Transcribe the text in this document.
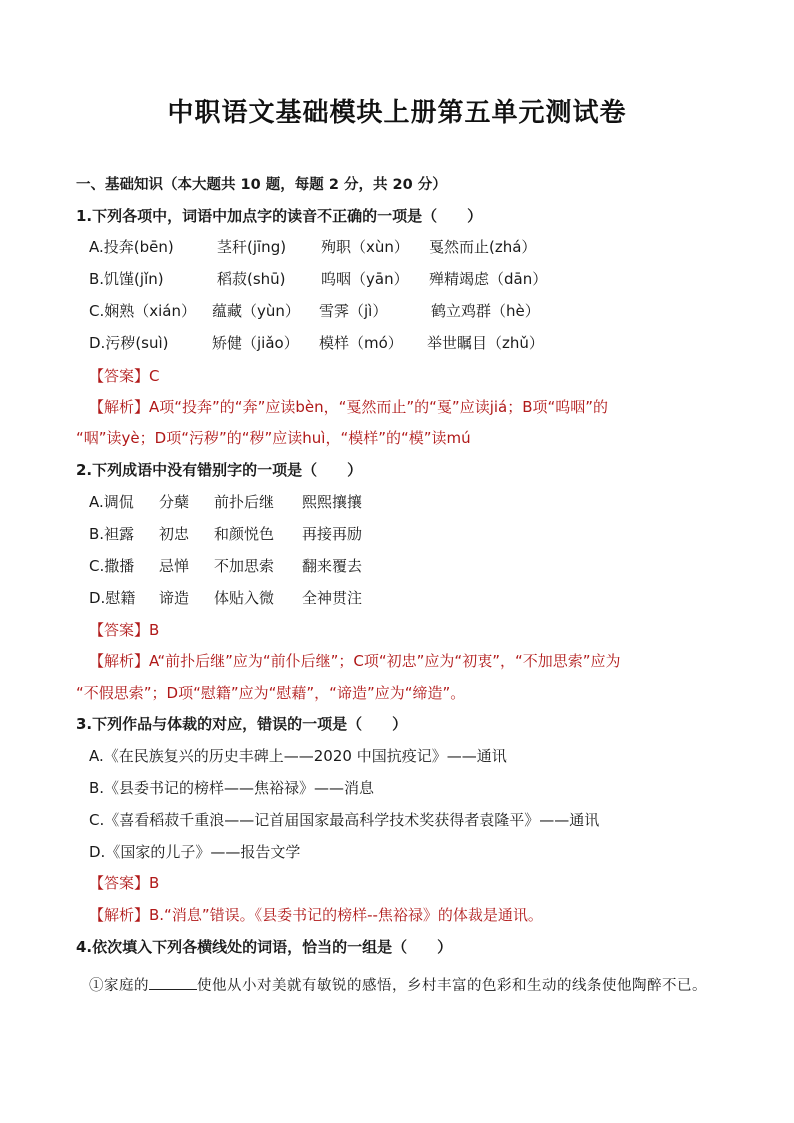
中职语文基础模块上册第五单元测试卷
一、基础知识（本大题共 10 题，每题 2 分，共 20 分）
1.下列各项中，词语中加点字的读音不正确的一项是（　　）
A.投奔(bēn)	茎秆(jīng) 殉职（xùn） 戛然而止(zhá）
B.饥馑(jǐn)	稻菽(shū) 呜咽（yān） 殚精竭虑（dān）
C.娴熟（xián） 蕴藏（yùn） 雪霁（jì）	鹤立鸡群（hè）
D.污秽(suì)	矫健（jiǎo） 模样（mó） 举世瞩目（zhǔ）
【答案】C
【解析】A项“投奔”的“奔”应读bèn，“戛然而止”的“戛”应读jiá；B项“呜咽”的
“咽”读yè；D项“污秽”的“秽”应读huì，“模样”的“模”读mú
2.下列成语中没有错别字的一项是（　　）
A.调侃 分蘖 前扑后继 熙熙攘攘
B.袒露 初忠 和颜悦色 再接再励
C.撒播 忌惮 不加思索 翻来覆去
D.慰籍 谛造 体贴入微 全神贯注
【答案】B
【解析】A“前扑后继”应为“前仆后继”；C项“初忠”应为“初衷”，“不加思索”应为
“不假思索”；D项“慰籍”应为“慰藉”，“谛造”应为“缔造”。
3.下列作品与体裁的对应，错误的一项是（　　）
A.《在民族复兴的历史丰碑上——2020 中国抗疫记》——通讯
B.《县委书记的榜样——焦裕禄》——消息
C.《喜看稻菽千重浪——记首届国家最高科学技术奖获得者袁隆平》——通讯
D.《国家的儿子》——报告文学
【答案】B
【解析】B.“消息”错误。《县委书记的榜样--焦裕禄》的体裁是通讯。
4.依次填入下列各横线处的词语，恰当的一组是（　　）
①家庭的	使他从小对美就有敏锐的感悟，乡村丰富的色彩和生动的线条使他陶醉不已。
